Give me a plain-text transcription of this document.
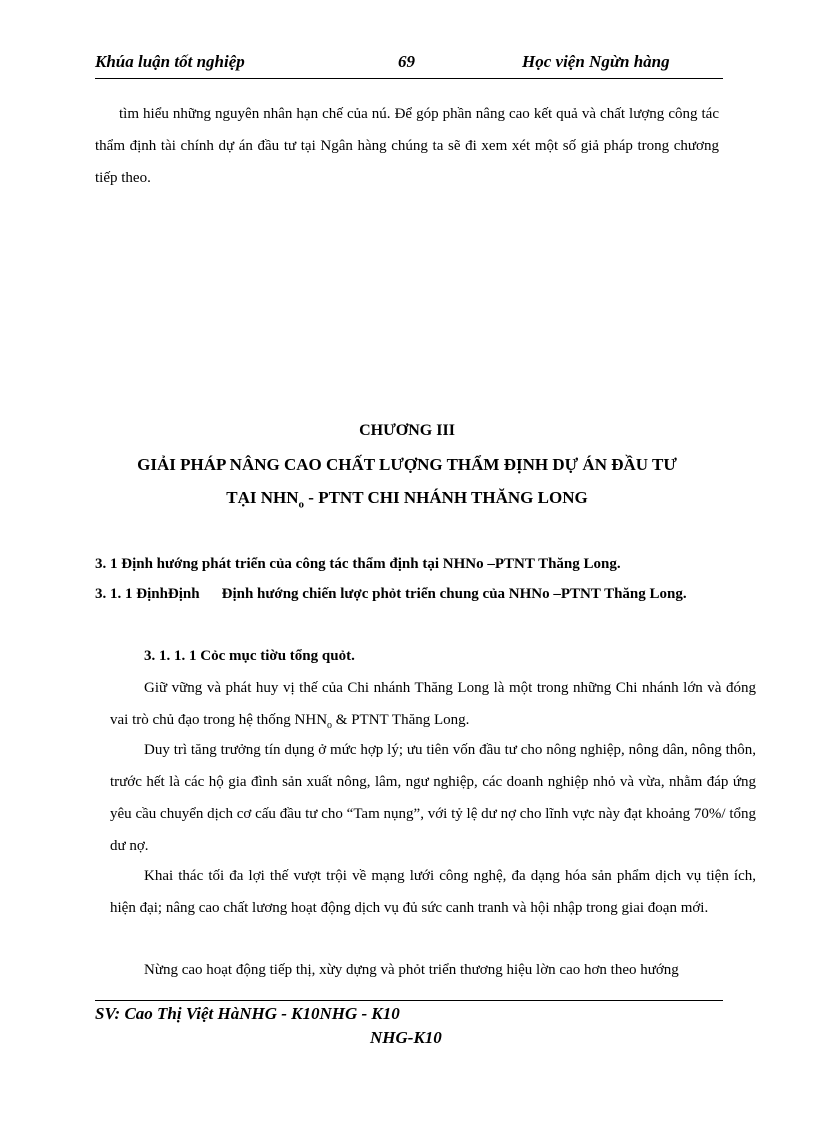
Khúa luận tốt nghiệp	69	Học viện Ngừn hàng
tìm hiểu những nguyên nhân hạn chế của nú. Để góp phần nâng cao kết quả và chất lượng công tác thẩm định tài chính dự án đầu tư tại Ngân hàng chúng ta sẽ đi xem xét một số giả pháp trong chương tiếp theo.
CHƯƠNG III
GIẢI PHÁP NÂNG CAO CHẤT LƯỢNG THẨM ĐỊNH DỰ ÁN ĐẦU TƯ
TẠI $NHN_o$ - PTNT CHI NHÁNH THĂNG LONG
3. 1 Định hướng phát triển của công tác thẩm định tại NHNo –PTNT Thăng Long.
3. 1. 1 ĐịnhĐịnh Định hướng chiến lược phỏt triển chung của NHNo –PTNT Thăng Long.
3. 1. 1. 1 Cỏc mục tiờu tổng quỏt.
Giữ vững và phát huy vị thế của Chi nhánh Thăng Long là một trong những Chi nhánh lớn và đóng vai trò chủ đạo trong hệ thống $NHN_o$ & PTNT Thăng Long.
Duy trì tăng trưởng tín dụng ở mức hợp lý; ưu tiên vốn đầu tư cho nông nghiệp, nông dân, nông thôn, trước hết là các hộ gia đình sản xuất nông, lâm, ngư nghiệp, các doanh nghiệp nhỏ và vừa, nhằm đáp ứng yêu cầu chuyển dịch cơ cấu đầu tư cho “Tam nụng”, với tỷ lệ dư nợ cho lĩnh vực này đạt khoảng 70%/ tổng dư nợ.
Khai thác tối đa lợi thế vượt trội về mạng lưới công nghệ, đa dạng hóa sản phẩm dịch vụ tiện ích, hiện đại; nâng cao chất lương hoạt động dịch vụ đủ sức canh tranh và hội nhập trong giai đoạn mới.
Nừng cao hoạt động tiếp thị, xừy dựng và phỏt triển thương hiệu lờn cao hơn theo hướng
SV: Cao Thị Việt HàNHG - K10NHG - K10
NHG-K10
